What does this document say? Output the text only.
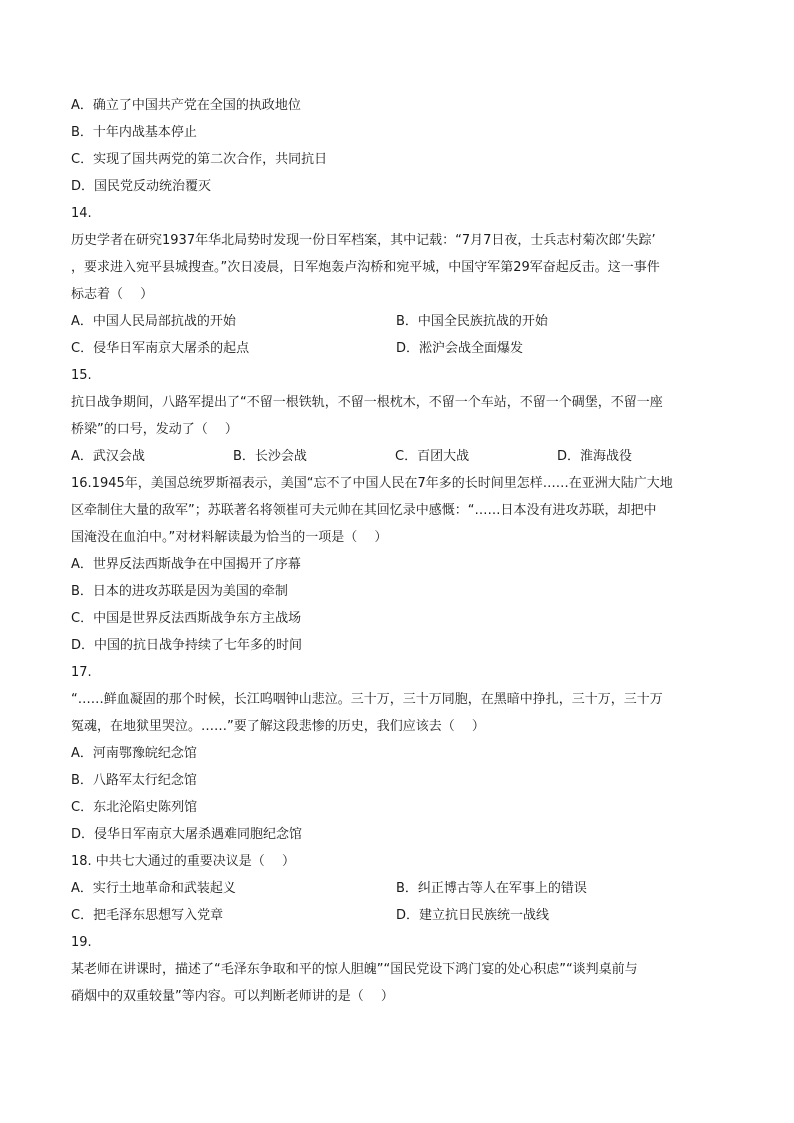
A．确立了中国共产党在全国的执政地位
B．十年内战基本停止
C．实现了国共两党的第二次合作，共同抗日
D．国民党反动统治覆灭
14.
历史学者在研究1937年华北局势时发现一份日军档案，其中记载：“7月7日夜，士兵志村菊次郎‘失踪’
，要求进入宛平县城搜查。”次日凌晨，日军炮轰卢沟桥和宛平城，中国守军第29军奋起反击。这一事件
标志着（　 ）
A．中国人民局部抗战的开始	B．中国全民族抗战的开始
C．侵华日军南京大屠杀的起点	D．淞沪会战全面爆发
15.
抗日战争期间，八路军提出了“不留一根铁轨，不留一根枕木，不留一个车站，不留一个碉堡，不留一座
桥梁”的口号，发动了（　 ）
A．武汉会战	B．长沙会战	C．百团大战	D．淮海战役
16.1945年，美国总统罗斯福表示，美国“忘不了中国人民在7年多的长时间里怎样……在亚洲大陆广大地
区牵制住大量的敌军”；苏联著名将领崔可夫元帅在其回忆录中感慨：“……日本没有进攻苏联，却把中
国淹没在血泊中。”对材料解读最为恰当的一项是（　 ）
A．世界反法西斯战争在中国揭开了序幕
B．日本的进攻苏联是因为美国的牵制
C．中国是世界反法西斯战争东方主战场
D．中国的抗日战争持续了七年多的时间
17.
“……鲜血凝固的那个时候，长江呜咽钟山悲泣。三十万，三十万同胞，在黑暗中挣扎，三十万，三十万
冤魂，在地狱里哭泣。……”要了解这段悲惨的历史，我们应该去（　 ）
A．河南鄂豫皖纪念馆
B．八路军太行纪念馆
C．东北沦陷史陈列馆
D．侵华日军南京大屠杀遇难同胞纪念馆
18. 中共七大通过的重要决议是（　 ）
A．实行土地革命和武装起义	B．纠正博古等人在军事上的错误
C．把毛泽东思想写入党章	D．建立抗日民族统一战线
19.
某老师在讲课时，描述了“毛泽东争取和平的惊人胆魄”“国民党设下鸿门宴的处心积虑”“谈判桌前与
硝烟中的双重较量”等内容。可以判断老师讲的是（　 ）
